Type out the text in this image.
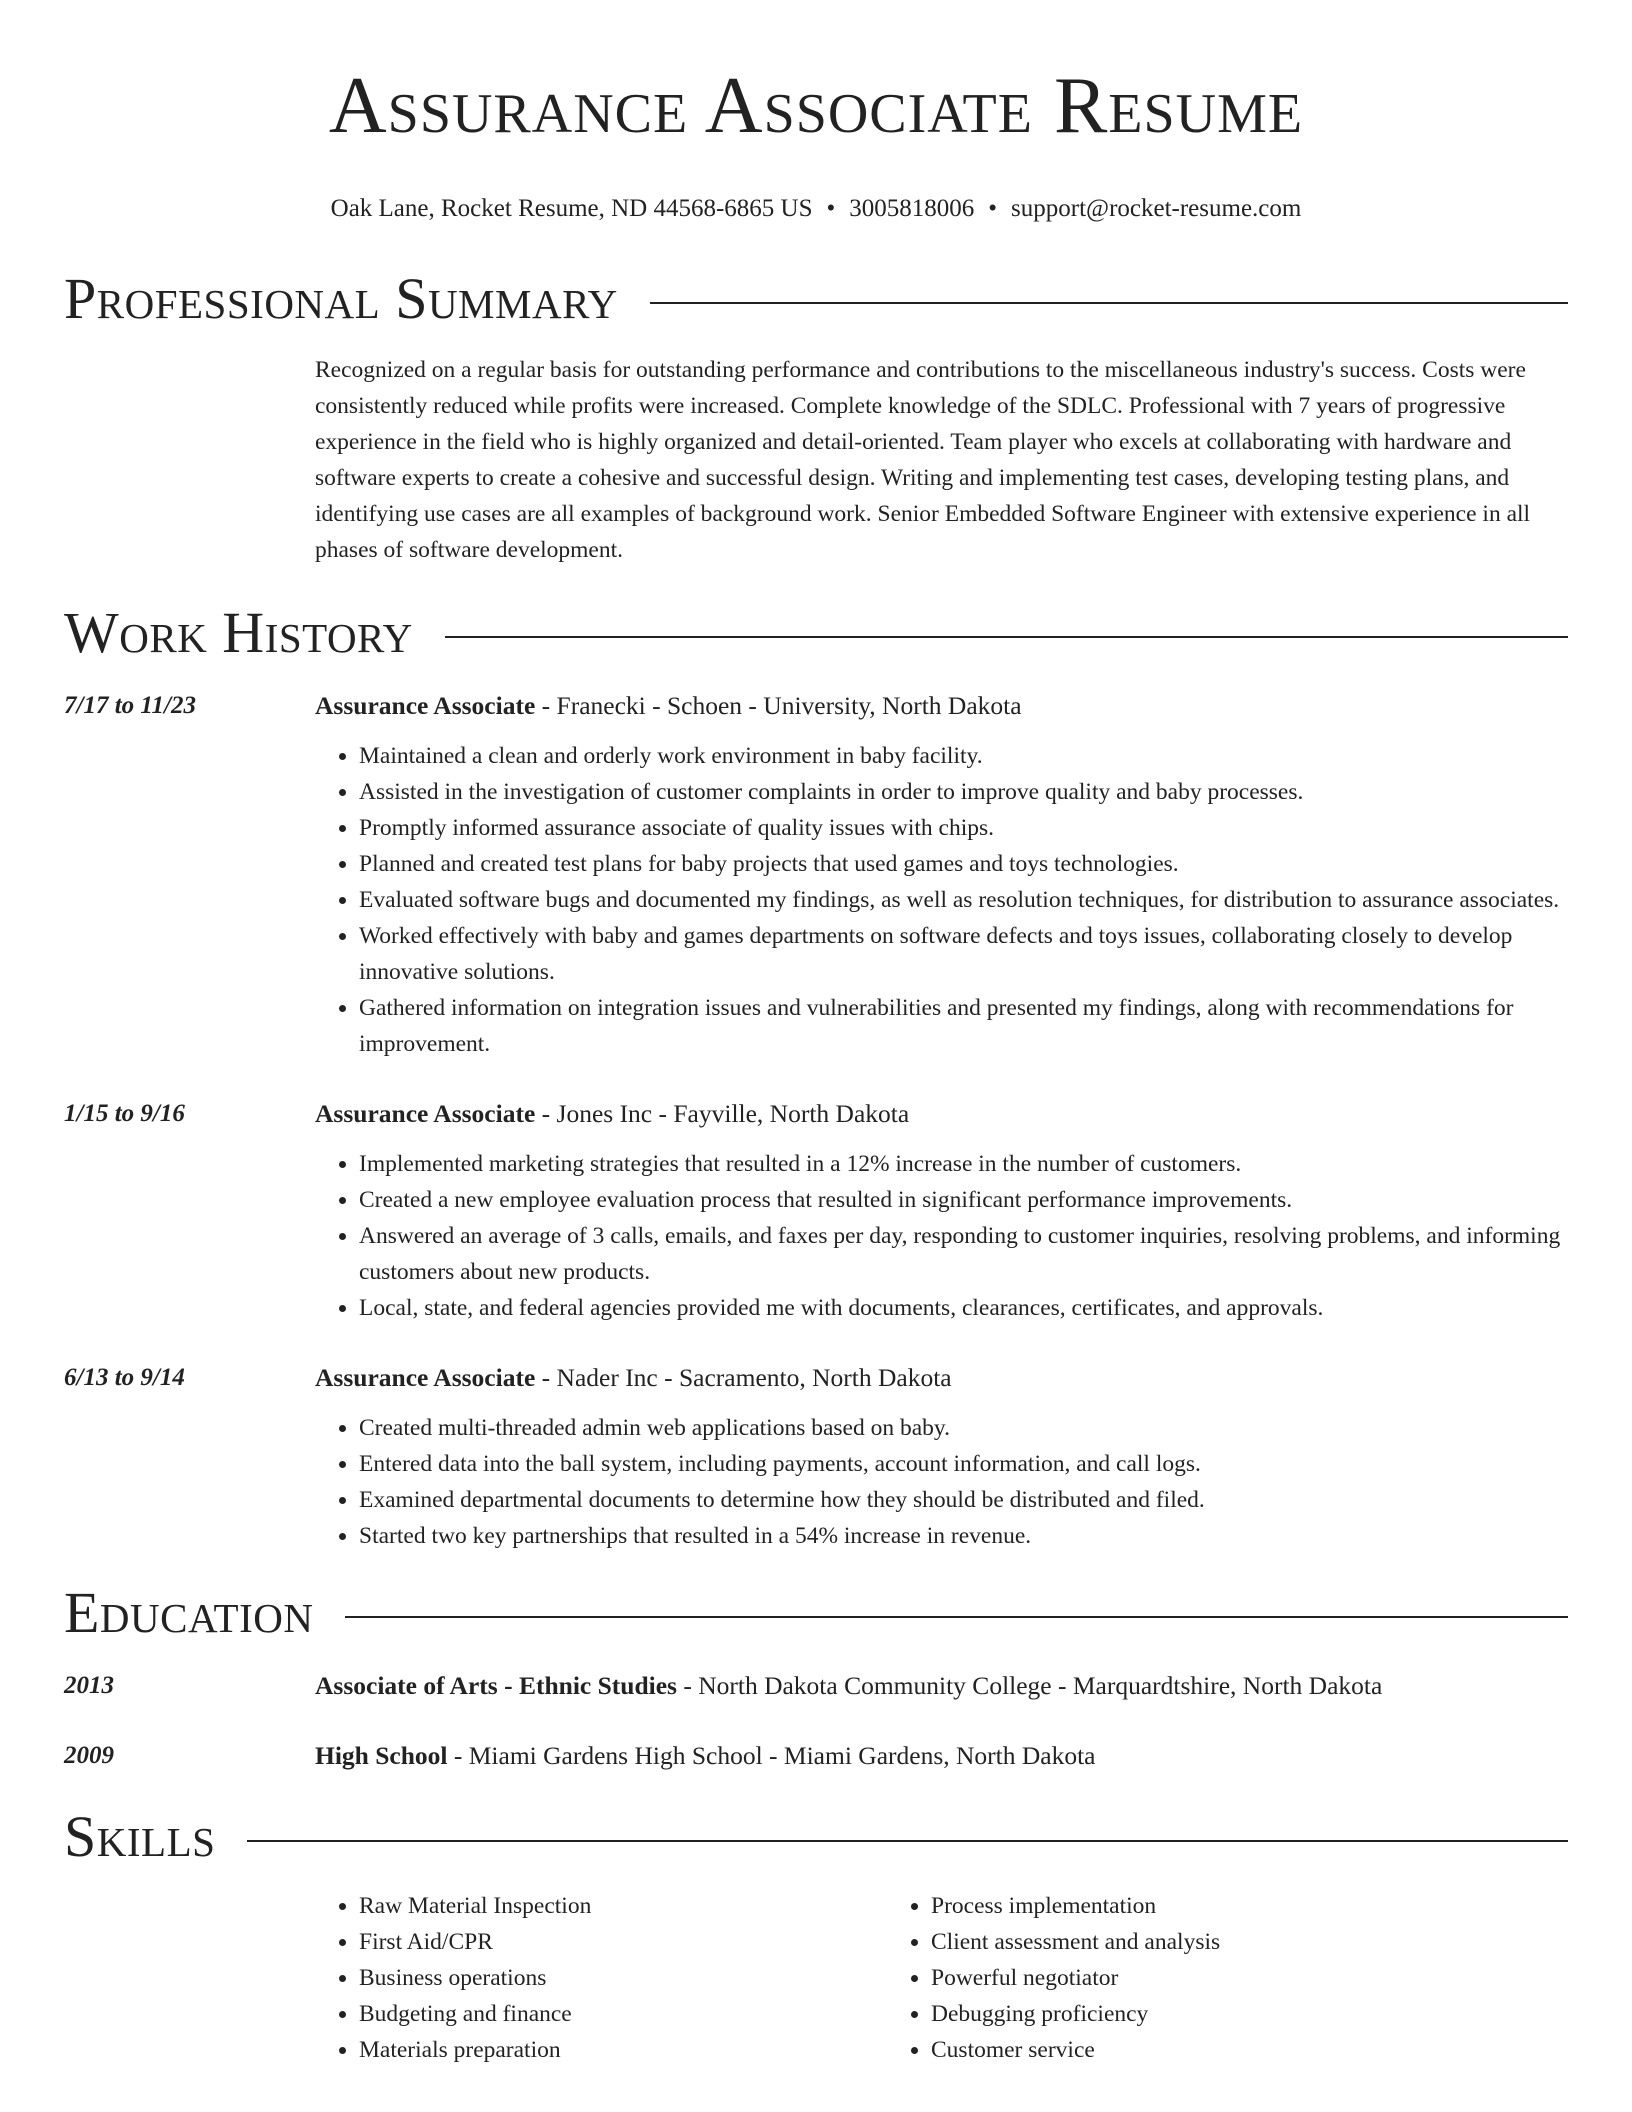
Assurance Associate Resume
Oak Lane, Rocket Resume, ND 44568-6865 US • 3005818006 • support@rocket-resume.com
Professional Summary
Recognized on a regular basis for outstanding performance and contributions to the miscellaneous industry's success. Costs were consistently reduced while profits were increased. Complete knowledge of the SDLC. Professional with 7 years of progressive experience in the field who is highly organized and detail-oriented. Team player who excels at collaborating with hardware and software experts to create a cohesive and successful design. Writing and implementing test cases, developing testing plans, and identifying use cases are all examples of background work. Senior Embedded Software Engineer with extensive experience in all phases of software development.
Work History
7/17 to 11/23	Assurance Associate - Franecki - Schoen - University, North Dakota
• Maintained a clean and orderly work environment in baby facility.
• Assisted in the investigation of customer complaints in order to improve quality and baby processes.
• Promptly informed assurance associate of quality issues with chips.
• Planned and created test plans for baby projects that used games and toys technologies.
• Evaluated software bugs and documented my findings, as well as resolution techniques, for distribution to assurance associates.
• Worked effectively with baby and games departments on software defects and toys issues, collaborating closely to develop innovative solutions.
• Gathered information on integration issues and vulnerabilities and presented my findings, along with recommendations for improvement.
1/15 to 9/16	Assurance Associate - Jones Inc - Fayville, North Dakota
• Implemented marketing strategies that resulted in a 12% increase in the number of customers.
• Created a new employee evaluation process that resulted in significant performance improvements.
• Answered an average of 3 calls, emails, and faxes per day, responding to customer inquiries, resolving problems, and informing customers about new products.
• Local, state, and federal agencies provided me with documents, clearances, certificates, and approvals.
6/13 to 9/14	Assurance Associate - Nader Inc - Sacramento, North Dakota
• Created multi-threaded admin web applications based on baby.
• Entered data into the ball system, including payments, account information, and call logs.
• Examined departmental documents to determine how they should be distributed and filed.
• Started two key partnerships that resulted in a 54% increase in revenue.
Education
2013	Associate of Arts - Ethnic Studies - North Dakota Community College - Marquardtshire, North Dakota
2009	High School - Miami Gardens High School - Miami Gardens, North Dakota
Skills
• Raw Material Inspection
• First Aid/CPR
• Business operations
• Budgeting and finance
• Materials preparation
• Process implementation
• Client assessment and analysis
• Powerful negotiator
• Debugging proficiency
• Customer service
